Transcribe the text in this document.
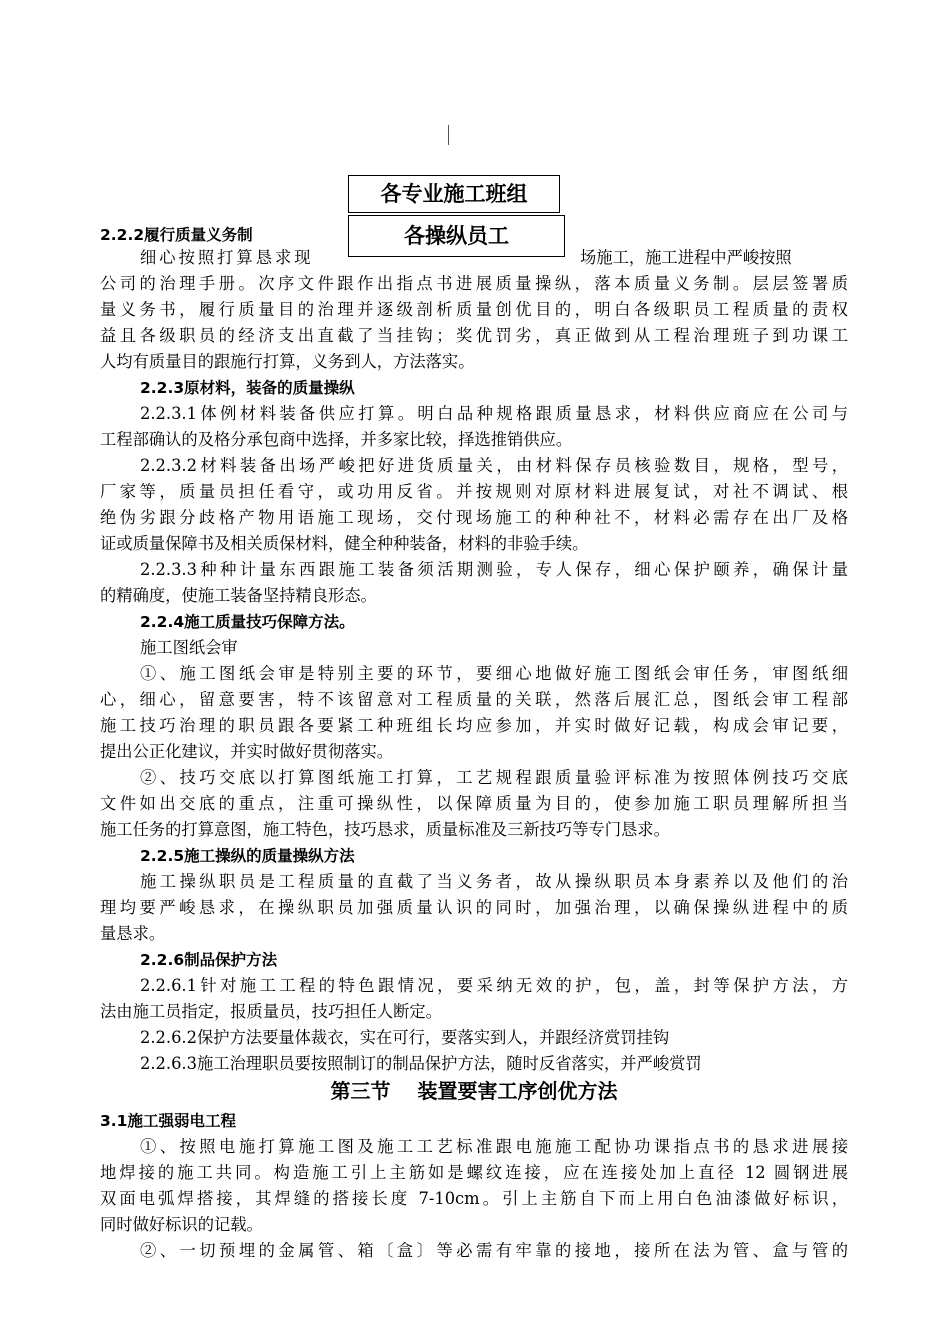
各专业施工班组
各操纵员工
2.2.2履行质量义务制
细心按照打算恳求现	场施工，施工进程中严峻按照
公司的治理手册。次序文件跟作出指点书进展质量操纵，落本质量义务制。层层签署质
量义务书，履行质量目的治理并逐级剖析质量创优目的，明白各级职员工程质量的责权
益且各级职员的经济支出直截了当挂钩；奖优罚劣，真正做到从工程治理班子到功课工
人均有质量目的跟施行打算，义务到人，方法落实。
2.2.3原材料，装备的质量操纵
2.2.3.1体例材料装备供应打算。明白品种规格跟质量恳求，材料供应商应在公司与
工程部确认的及格分承包商中选择，并多家比较，择选推销供应。
2.2.3.2材料装备出场严峻把好进货质量关，由材料保存员核验数目，规格，型号，
厂家等，质量员担任看守，或功用反省。并按规则对原材料进展复试，对社不调试、根
绝伪劣跟分歧格产物用语施工现场，交付现场施工的种种社不，材料必需存在出厂及格
证或质量保障书及相关质保材料，健全种种装备，材料的非验手续。
2.2.3.3种种计量东西跟施工装备须活期测验，专人保存，细心保护颐养，确保计量
的精确度，使施工装备坚持精良形态。
2.2.4施工质量技巧保障方法。
施工图纸会审
①、施工图纸会审是特别主要的环节，要细心地做好施工图纸会审任务，审图纸细
心，细心，留意要害，特不该留意对工程质量的关联，然落后展汇总，图纸会审工程部
施工技巧治理的职员跟各要紧工种班组长均应参加，并实时做好记载，构成会审记要，
提出公正化建议，并实时做好贯彻落实。
②、技巧交底以打算图纸施工打算，工艺规程跟质量验评标准为按照体例技巧交底
文件如出交底的重点，注重可操纵性，以保障质量为目的，使参加施工职员理解所担当
施工任务的打算意图，施工特色，技巧恳求，质量标准及三新技巧等专门恳求。
2.2.5施工操纵的质量操纵方法
施工操纵职员是工程质量的直截了当义务者，故从操纵职员本身素养以及他们的治
理均要严峻恳求，在操纵职员加强质量认识的同时，加强治理，以确保操纵进程中的质
量恳求。
2.2.6制品保护方法
2.2.6.1针对施工工程的特色跟情况，要采纳无效的护，包，盖，封等保护方法，方
法由施工员指定，报质量员，技巧担任人断定。
2.2.6.2保护方法要量体裁衣，实在可行，要落实到人，并跟经济赏罚挂钩
2.2.6.3施工治理职员要按照制订的制品保护方法，随时反省落实，并严峻赏罚
第三节　 装置要害工序创优方法
3.1施工强弱电工程
①、按照电施打算施工图及施工工艺标准跟电施施工配协功课指点书的恳求进展接
地焊接的施工共同。构造施工引上主筋如是螺纹连接，应在连接处加上直径 12 圆钢进展
双面电弧焊搭接，其焊缝的搭接长度 7-10cm。引上主筋自下而上用白色油漆做好标识，
同时做好标识的记载。
②、一切预埋的金属管、箱〔盒〕等必需有牢靠的接地，接所在法为管、盒与管的
